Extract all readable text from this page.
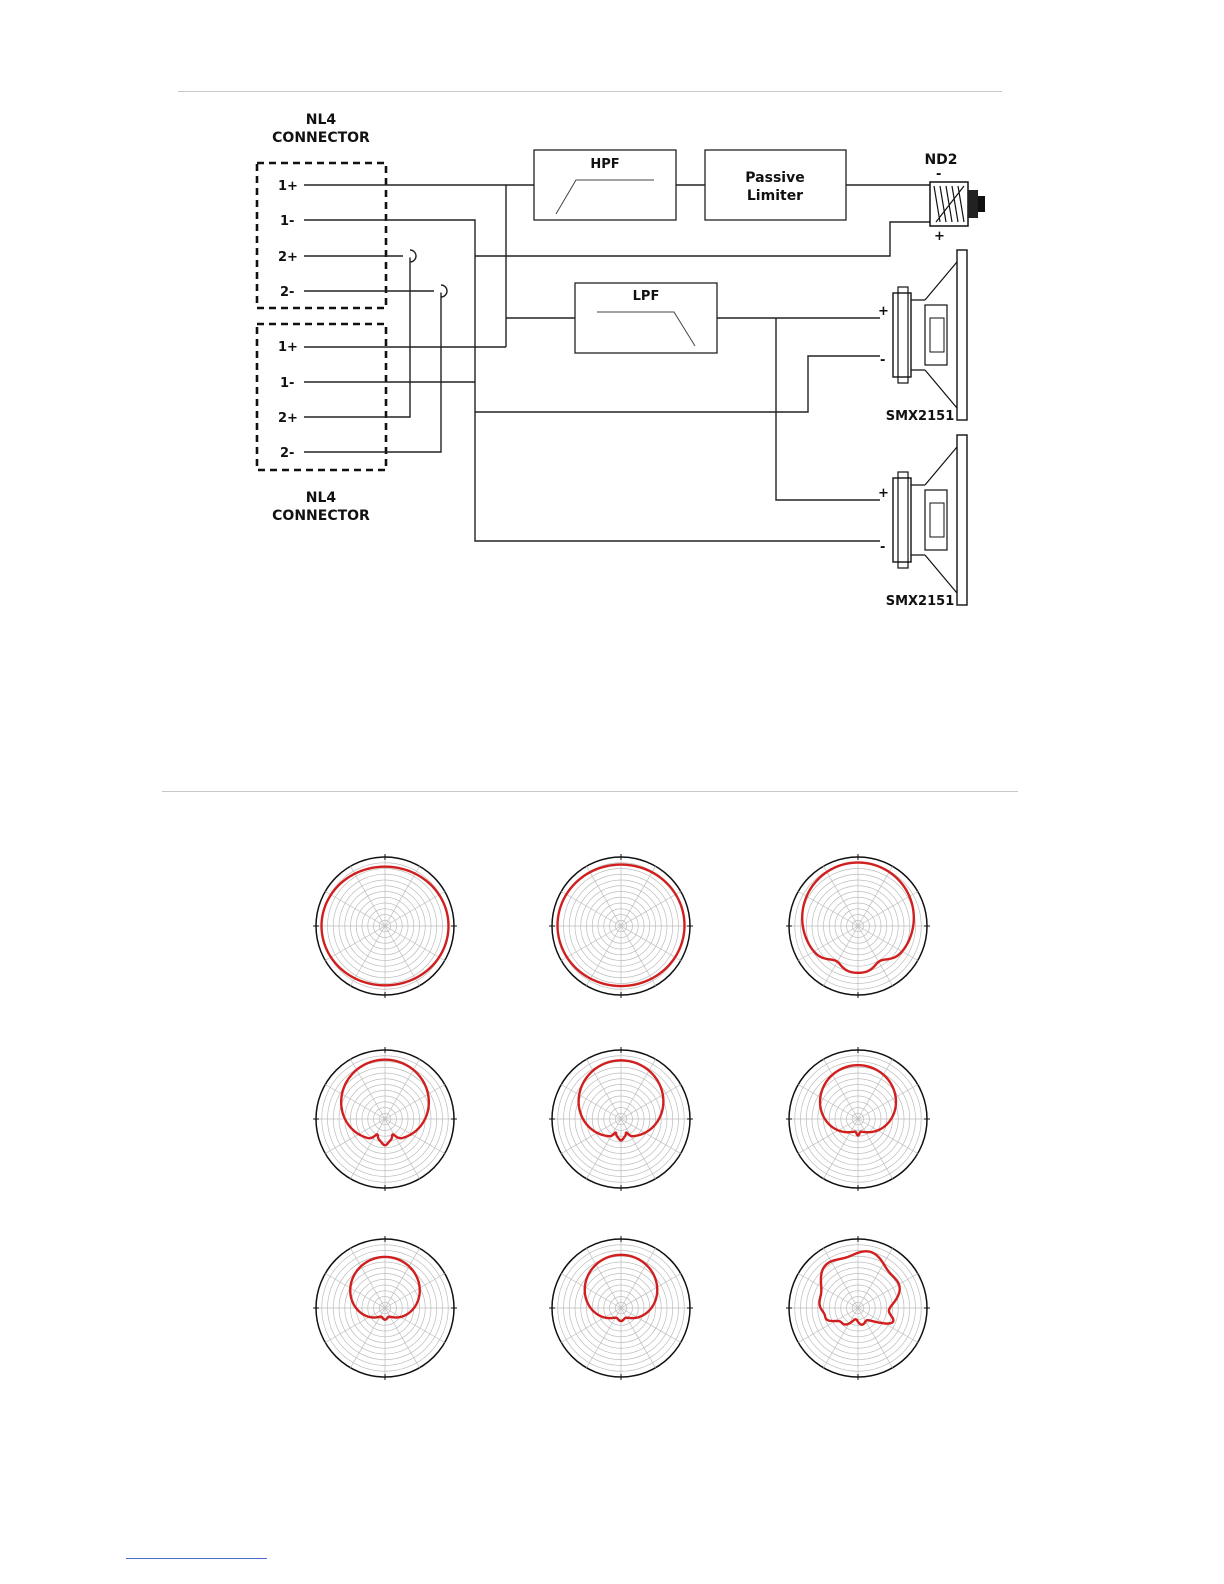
NL4
CONNECTOR
NL4
CONNECTOR
1+
1-
2+
2-
1+
1-
2+
2-
HPF
Passive
Limiter
LPF
ND2
-
+
+
-
SMX2151
+
-
SMX2151
